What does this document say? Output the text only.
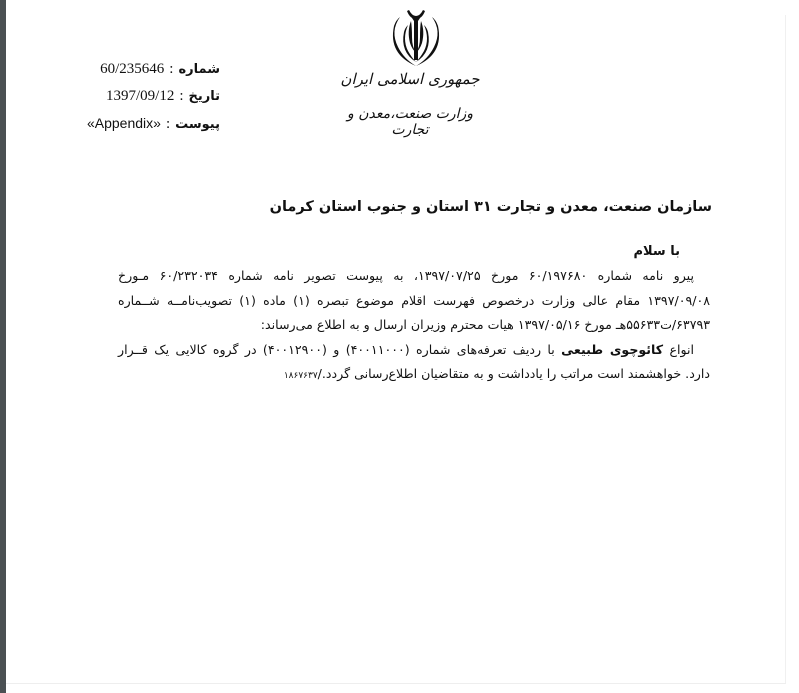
شماره:60/235646
تاریخ:1397/09/12
پیوست:«Appendix»
جمهوری اسلامی ایران
وزارت صنعت،معدن و تجارت
سازمان صنعت، معدن و تجارت ۳۱ استان و جنوب استان کرمان
با سلام
پیرو نامه شماره ۶۰/۱۹۷۶۸۰ مورخ ۱۳۹۷/۰۷/۲۵، به پیوست تصویر نامه شماره ۶۰/۲۳۲۰۳۴ مـورخ
۱۳۹۷/۰۹/۰۸ مقام عالی وزارت درخصوص فهرست اقلام موضوع تبصره (۱) ماده (۱) تصویب‌نامــه شــماره
۶۳۷۹۳/ت۵۵۶۳۳هـ مورخ ۱۳۹۷/۰۵/۱۶ هیات محترم وزیران ارسال و به اطلاع می‌رساند:
انواع کائوچوی طبیعی با ردیف تعرفه‌های شماره (۴۰۰۱۱۰۰۰) و (۴۰۰۱۲۹۰۰) در گروه کالایی یک قــرار
دارد. خواهشمند است مراتب را یادداشت و به متقاضیان اطلاع‌رسانی گردد./۱۸۶۷۶۳۷
